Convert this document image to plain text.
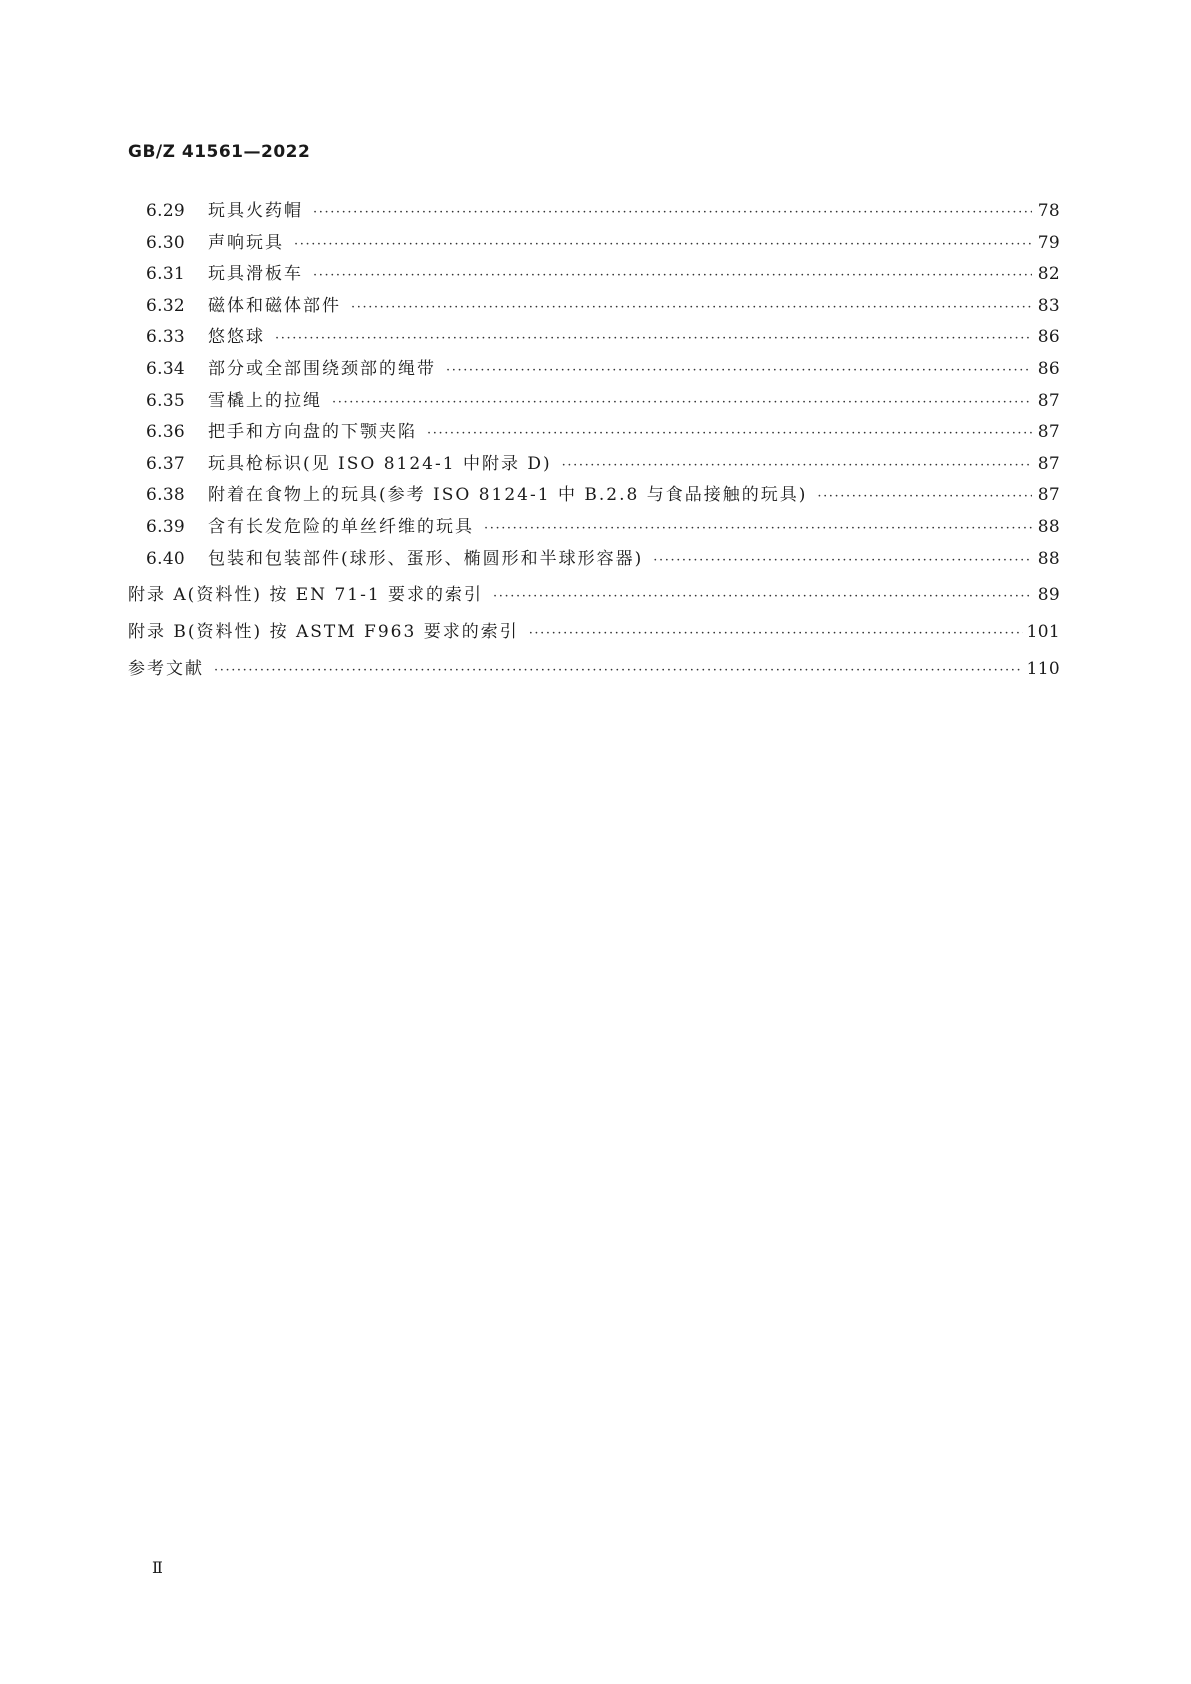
GB/Z 41561—2022
6.29	玩具火药帽 ·····	78
6.30	声响玩具 ·····	79
6.31	玩具滑板车 ·····	82
6.32	磁体和磁体部件 ·····	83
6.33	悠悠球 ·····	86
6.34	部分或全部围绕颈部的绳带 ·····	86
6.35	雪橇上的拉绳 ·····	87
6.36	把手和方向盘的下颚夹陷 ·····	87
6.37	玩具枪标识(见 ISO 8124-1 中附录 D) ·····	87
6.38	附着在食物上的玩具(参考 ISO 8124-1 中 B.2.8 与食品接触的玩具) ·····	87
6.39	含有长发危险的单丝纤维的玩具 ·····	88
6.40	包装和包装部件(球形、蛋形、椭圆形和半球形容器) ·····	88
附录 A(资料性) 按 EN 71-1 要求的索引 ·····	89
附录 B(资料性) 按 ASTM F963 要求的索引 ·····	101
参考文献 ·····	110
Ⅱ
